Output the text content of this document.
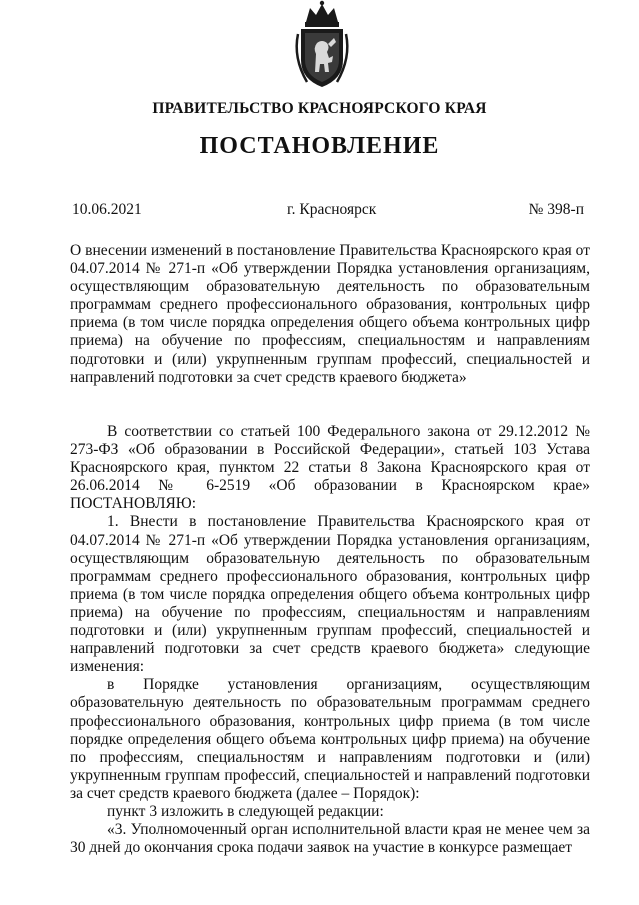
ПРАВИТЕЛЬСТВО КРАСНОЯРСКОГО КРАЯ
ПОСТАНОВЛЕНИЕ
10.06.2021	г. Красноярск	№ 398-п

О внесении изменений в постановление Правительства Красноярского края от 04.07.2014 № 271-п «Об утверждении Порядка установления организациям, осуществляющим образовательную деятельность по образовательным программам среднего профессионального образования, контрольных цифр приема (в том числе порядка определения общего объема контрольных цифр приема) на обучение по профессиям, специальностям и направлениям подготовки и (или) укрупненным группам профессий, специальностей и направлений подготовки за счет средств краевого бюджета»

В соответствии со статьей 100 Федерального закона от 29.12.2012 № 273-ФЗ «Об образовании в Российской Федерации», статьей 103 Устава Красноярского края, пунктом 22 статьи 8 Закона Красноярского края от 26.06.2014 № 6-2519 «Об образовании в Красноярском крае» ПОСТАНОВЛЯЮ:

1. Внести в постановление Правительства Красноярского края от 04.07.2014 № 271-п «Об утверждении Порядка установления организациям, осуществляющим образовательную деятельность по образовательным программам среднего профессионального образования, контрольных цифр приема (в том числе порядка определения общего объема контрольных цифр приема) на обучение по профессиям, специальностям и направлениям подготовки и (или) укрупненным группам профессий, специальностей и направлений подготовки за счет средств краевого бюджета» следующие изменения:

в Порядке установления организациям, осуществляющим образовательную деятельность по образовательным программам среднего профессионального образования, контрольных цифр приема (в том числе порядке определения общего объема контрольных цифр приема) на обучение по профессиям, специальностям и направлениям подготовки и (или) укрупненным группам профессий, специальностей и направлений подготовки за счет средств краевого бюджета (далее – Порядок):

пункт 3 изложить в следующей редакции:

«3. Уполномоченный орган исполнительной власти края не менее чем за 30 дней до окончания срока подачи заявок на участие в конкурсе размещает
